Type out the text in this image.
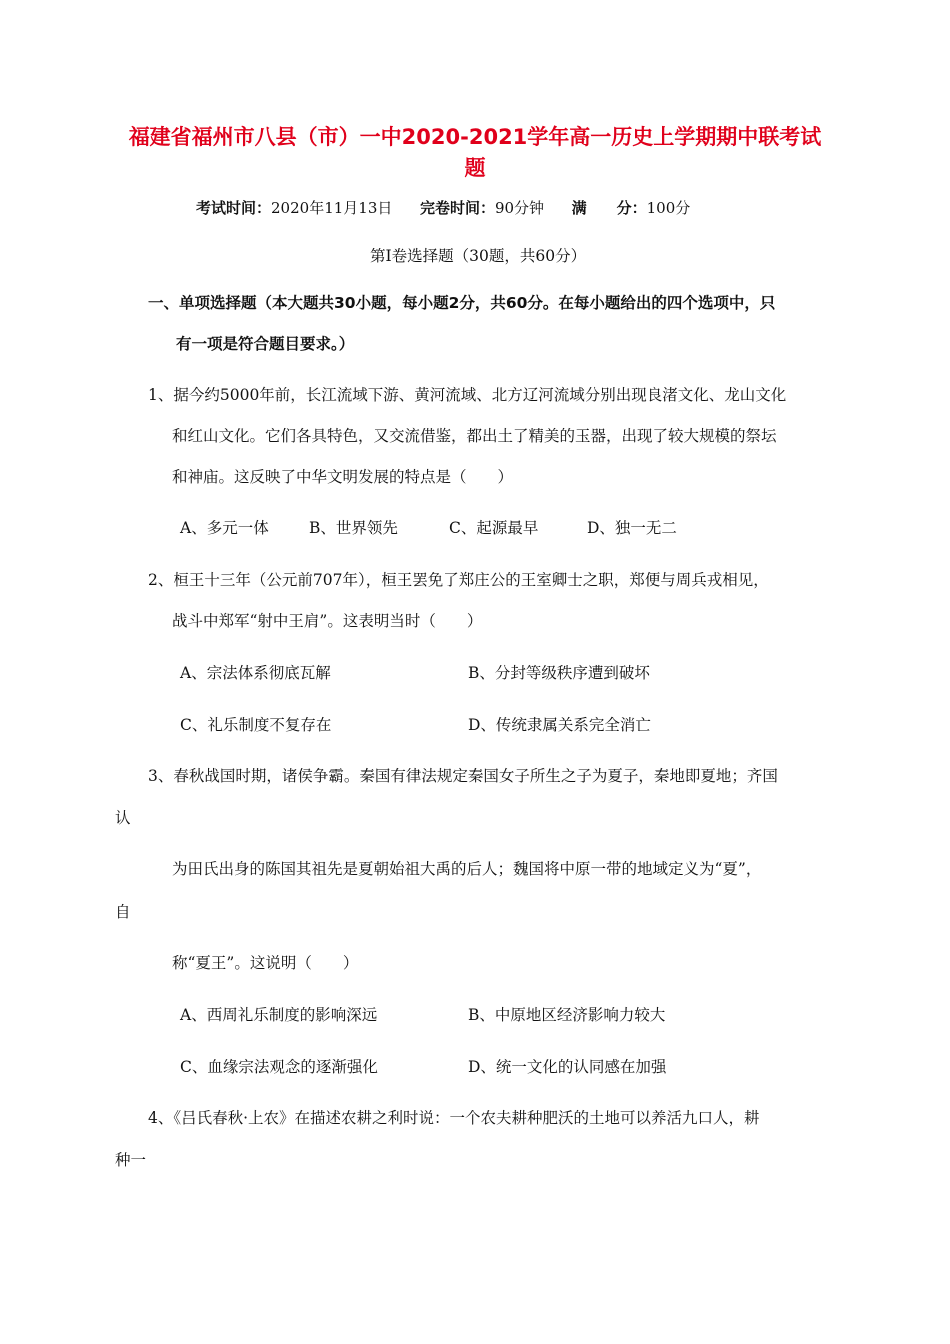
福建省福州市八县（市）一中2020-2021学年高一历史上学期期中联考试
题
考试时间：2020年11月13日 完卷时间：90分钟 满　　分：100分
第Ⅰ卷选择题（30题，共60分）
一、单项选择题（本大题共30小题，每小题2分，共60分。在每小题给出的四个选项中，只
有一项是符合题目要求。）
1、据今约5000年前，长江流域下游、黄河流域、北方辽河流域分别出现良渚文化、龙山文化
和红山文化。它们各具特色，又交流借鉴，都出土了精美的玉器，出现了较大规模的祭坛
和神庙。这反映了中华文明发展的特点是（　　）
A、多元一体	B、世界领先	C、起源最早	D、独一无二
2、桓王十三年（公元前707年），桓王罢免了郑庄公的王室卿士之职，郑便与周兵戎相见，
战斗中郑军“射中王肩”。这表明当时（　　）
A、宗法体系彻底瓦解	B、分封等级秩序遭到破坏
C、礼乐制度不复存在	D、传统隶属关系完全消亡
3、春秋战国时期，诸侯争霸。秦国有律法规定秦国女子所生之子为夏子，秦地即夏地；齐国
认
为田氏出身的陈国其祖先是夏朝始祖大禹的后人；魏国将中原一带的地域定义为“夏”，
自
称“夏王”。这说明（　　）
A、西周礼乐制度的影响深远	B、中原地区经济影响力较大
C、血缘宗法观念的逐渐强化	D、统一文化的认同感在加强
4、《吕氏春秋·上农》在描述农耕之利时说：一个农夫耕种肥沃的土地可以养活九口人，耕
种一
